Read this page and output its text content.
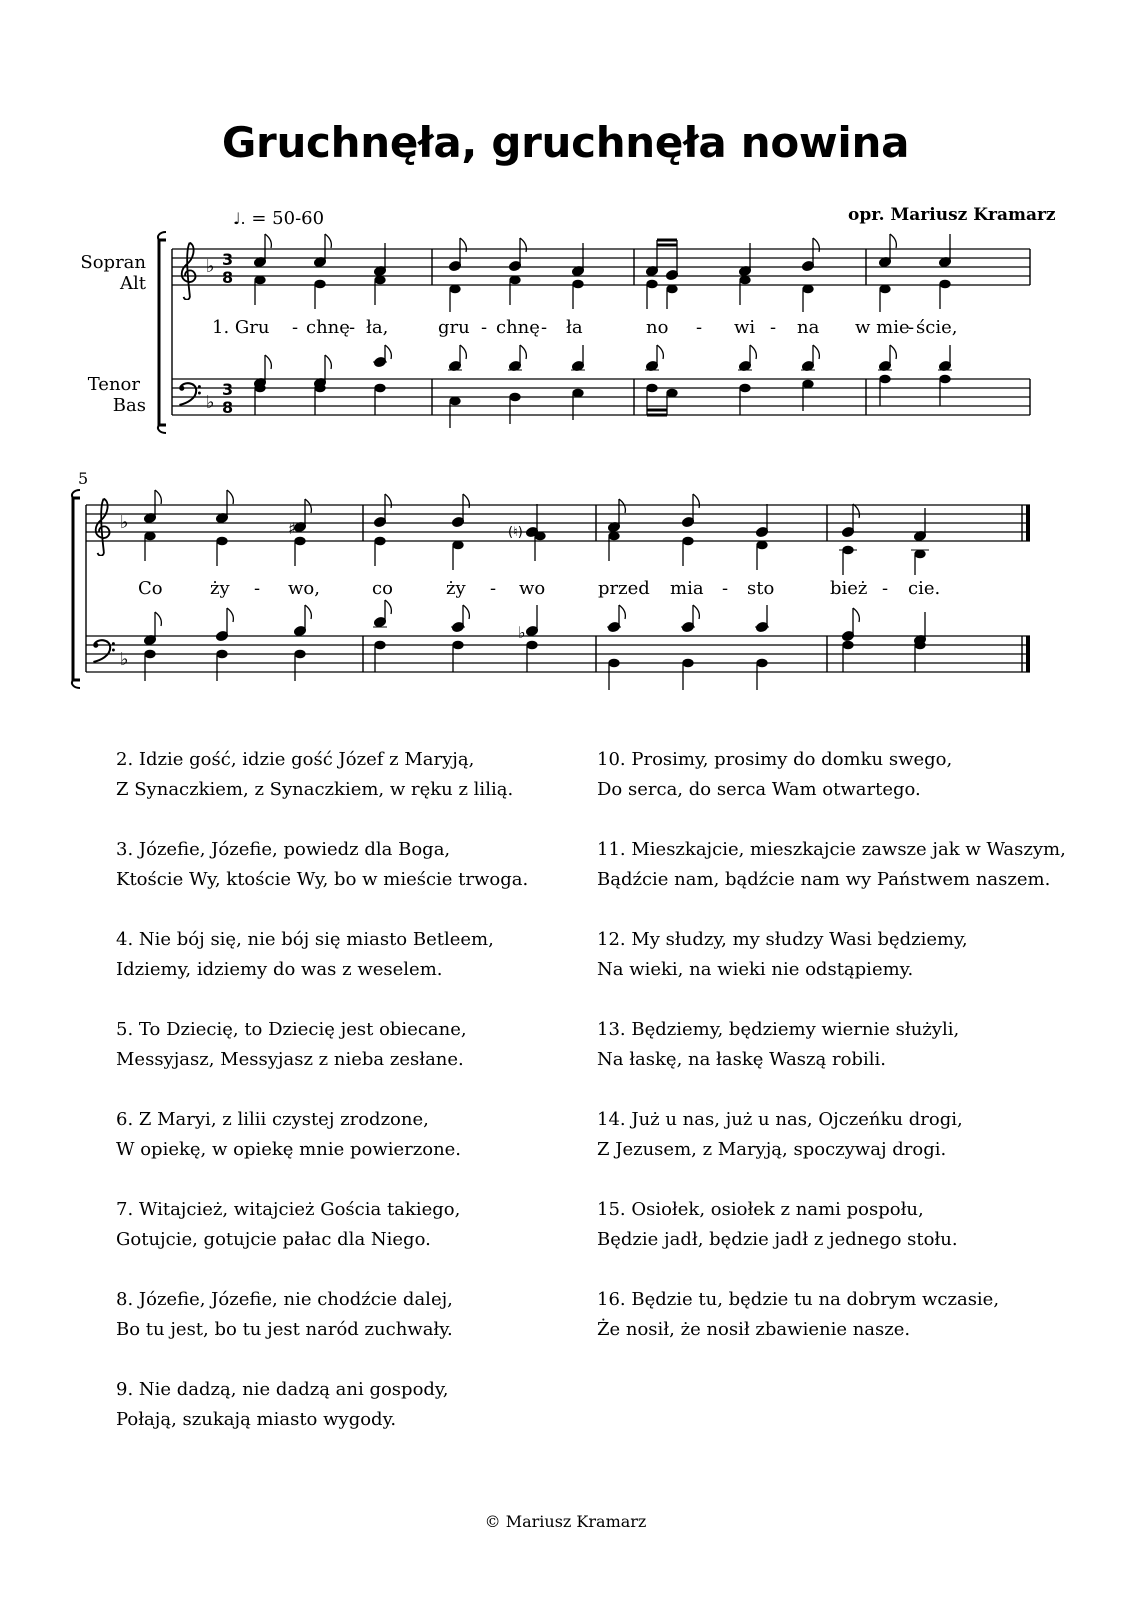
Gruchnęła, gruchnęła nowina
♩. = 50-60	opr. Mariusz Kramarz
♭
♭
3
8
3
8
Sopran
Alt
Tenor
Bas
1. Gru - chnę - ła,	gru - chnę - ła	no - wi - na w mie
- ście,
5
♭
♭
♯	(♮)
♭
Co	ży - wo,	co	ży - wo	przed mia - sto	bież - cie.
2. Idzie gość, idzie gość Józef z Maryją,
Z Synaczkiem, z Synaczkiem, w ręku z lilią.
3. Józefie, Józefie, powiedz dla Boga,
Ktoście Wy, ktoście Wy, bo w mieście trwoga.
4. Nie bój się, nie bój się miasto Betleem,
Idziemy, idziemy do was z weselem.
5. To Dziecię, to Dziecię jest obiecane,
Messyjasz, Messyjasz z nieba zesłane.
6. Z Maryi, z lilii czystej zrodzone,
W opiekę, w opiekę mnie powierzone.
7. Witajcież, witajcież Gościa takiego,
Gotujcie, gotujcie pałac dla Niego.
8. Józefie, Józefie, nie chodźcie dalej,
Bo tu jest, bo tu jest naród zuchwały.
9. Nie dadzą, nie dadzą ani gospody,
Połają, szukają miasto wygody.
10. Prosimy, prosimy do domku swego,
Do serca, do serca Wam otwartego.
11. Mieszkajcie, mieszkajcie zawsze jak w Waszym,
Bądźcie nam, bądźcie nam wy Państwem naszem.
12. My słudzy, my słudzy Wasi będziemy,
Na wieki, na wieki nie odstąpiemy.
13. Będziemy, będziemy wiernie służyli,
Na łaskę, na łaskę Waszą robili.
14. Już u nas, już u nas, Ojczeńku drogi,
Z Jezusem, z Maryją, spoczywaj drogi.
15. Osiołek, osiołek z nami pospołu,
Będzie jadł, będzie jadł z jednego stołu.
16. Będzie tu, będzie tu na dobrym wczasie,
Że nosił, że nosił zbawienie nasze.
© Mariusz Kramarz
